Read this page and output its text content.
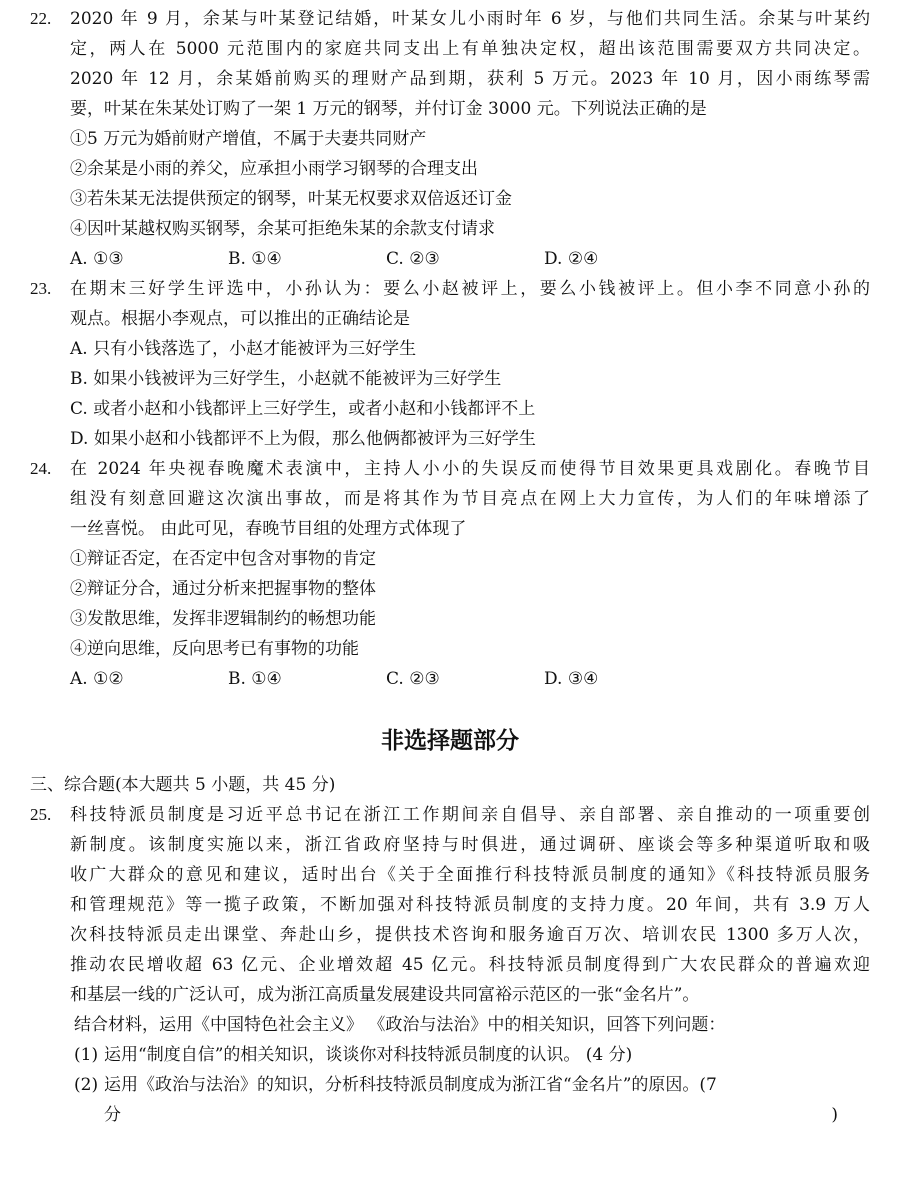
22. 2020 年 9 月，余某与叶某登记结婚，叶某女儿小雨时年 6 岁，与他们共同生活。余某与叶某约
定，两人在 5000 元范围内的家庭共同支出上有单独决定权，超出该范围需要双方共同决定。
2020 年 12 月，余某婚前购买的理财产品到期，获利 5 万元。2023 年 10 月，因小雨练琴需
要，叶某在朱某处订购了一架 1 万元的钢琴，并付订金 3000 元。下列说法正确的是
①5 万元为婚前财产增值，不属于夫妻共同财产
②余某是小雨的养父，应承担小雨学习钢琴的合理支出
③若朱某无法提供预定的钢琴，叶某无权要求双倍返还订金
④因叶某越权购买钢琴，余某可拒绝朱某的余款支付请求
A. ①③	B. ①④	C. ②③	D. ②④
23. 在期末三好学生评选中，小孙认为：要么小赵被评上，要么小钱被评上。但小李不同意小孙的
观点。根据小李观点，可以推出的正确结论是
A. 只有小钱落选了，小赵才能被评为三好学生
B. 如果小钱被评为三好学生，小赵就不能被评为三好学生
C. 或者小赵和小钱都评上三好学生，或者小赵和小钱都评不上
D. 如果小赵和小钱都评不上为假，那么他俩都被评为三好学生
24. 在 2024 年央视春晚魔术表演中，主持人小小的失误反而使得节目效果更具戏剧化。春晚节目
组没有刻意回避这次演出事故，而是将其作为节目亮点在网上大力宣传，为人们的年味增添了
一丝喜悦。 由此可见，春晚节目组的处理方式体现了
①辩证否定，在否定中包含对事物的肯定
②辩证分合，通过分析来把握事物的整体
③发散思维，发挥非逻辑制约的畅想功能
④逆向思维，反向思考已有事物的功能
A. ①②	B. ①④	C. ②③	D. ③④
非选择题部分
三、综合题(本大题共 5 小题，共 45 分)
25. 科技特派员制度是习近平总书记在浙江工作期间亲自倡导、亲自部署、亲自推动的一项重要创
新制度。该制度实施以来，浙江省政府坚持与时俱进，通过调研、座谈会等多种渠道听取和吸
收广大群众的意见和建议，适时出台《关于全面推行科技特派员制度的通知》《科技特派员服务
和管理规范》等一揽子政策，不断加强对科技特派员制度的支持力度。20 年间，共有 3.9 万人
次科技特派员走出课堂、奔赴山乡，提供技术咨询和服务逾百万次、培训农民 1300 多万人次，
推动农民增收超 63 亿元、企业增效超 45 亿元。科技特派员制度得到广大农民群众的普遍欢迎
和基层一线的广泛认可，成为浙江高质量发展建设共同富裕示范区的一张“金名片”。
结合材料，运用《中国特色社会主义》 《政治与法治》中的相关知识，回答下列问题：
(1) 运用“制度自信”的相关知识，谈谈你对科技特派员制度的认识。 (4 分)
(2) 运用《政治与法治》的知识，分析科技特派员制度成为浙江省“金名片”的原因。(7
分	)
